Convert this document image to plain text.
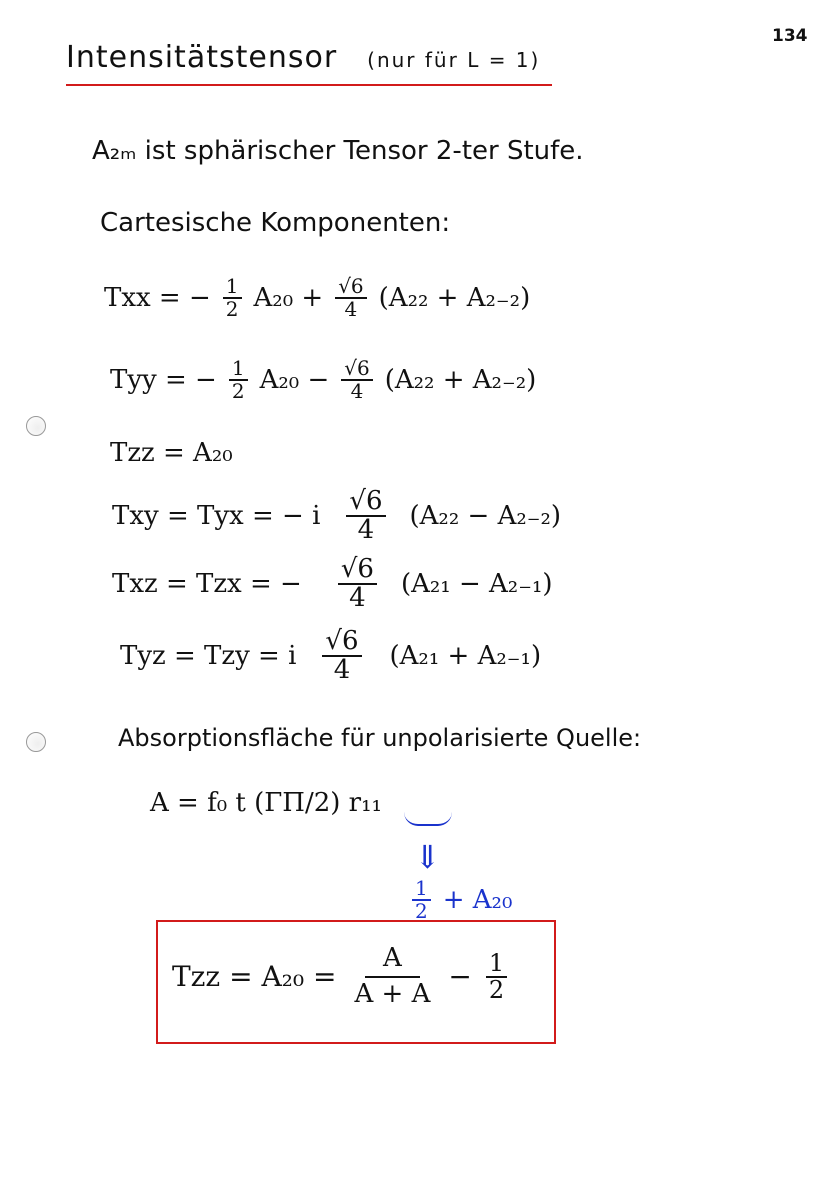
134
Intensitätstensor (nur für L = 1)
A₂ₘ ist sphärischer Tensor 2-ter Stufe.
Cartesische Komponenten:
Txx = − $\frac{1}{2} A_{20} + \frac{√6}{4} (A_{22} + A_{2-2})$
Tyy = − $\frac{1}{2} A_{20} - \frac{√6}{4} (A_{22} + A_{2-2})$
Tzz = A₂₀
Txy = Tyx = − i $\frac{√6}{4} (A_{22} - A_{2-2})$
Txz = Tzx = − $\frac{√6}{4} (A_{21} - A_{2-1})$
Tyz = Tzy = i $\frac{√6}{4} (A_{21} + A_{2-1})$
Absorptionsfläche für unpolarisierte Quelle:
A = f₀ t (ΓΠ/2) r₁₁
⇓
$\frac{1}{2} + A_{20}$
Tzz = $A_{20} = \frac{A}{A + A} - \frac{1}{2}$
